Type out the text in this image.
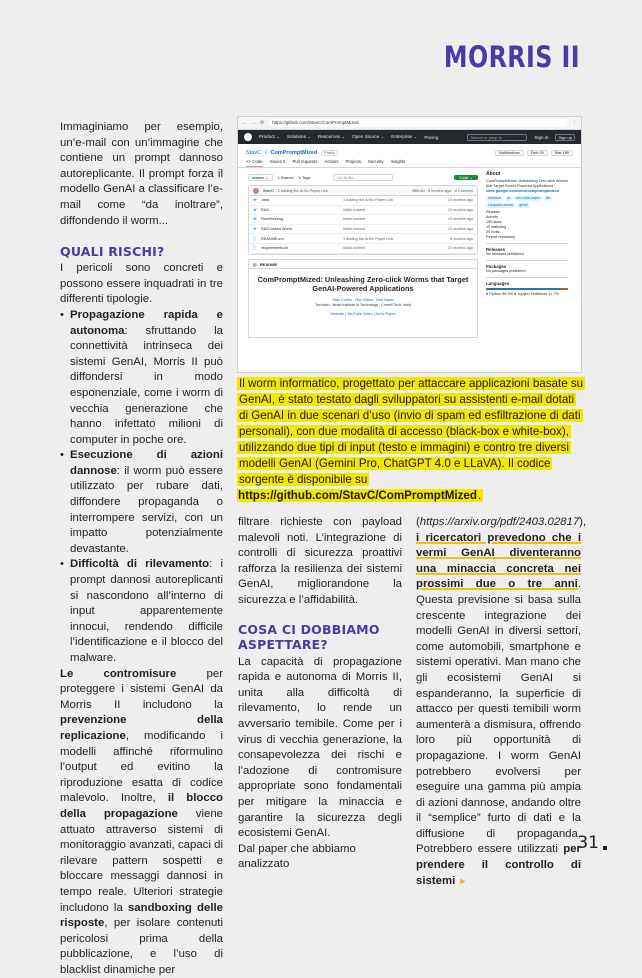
MORRIS II

Immaginiamo per esempio, un’e-mail con un’immagine che contiene un prompt dannoso autoreplicante. Il prompt forza il modello GenAI a classificare l’e-mail come “da inoltrare”, diffondendo il worm...

QUALI RISCHI?

I pericoli sono concreti e possono essere inquadrati in tre differenti tipologie.

• Propagazione rapida e autonoma: sfruttando la connettività intrinseca dei sistemi GenAI, Morris II può diffondersi in modo esponenziale, come i worm di vecchia generazione che hanno infettato milioni di computer in poche ore.
• Esecuzione di azioni dannose: il worm può essere utilizzato per rubare dati, diffondere propaganda o interrompere servizi, con un impatto potenzialmente devastante.
• Difficoltà di rilevamento: i prompt dannosi autoreplicanti si nascondono all’interno di input apparentemente innocui, rendendo difficile l’identificazione e il blocco del malware.

Le contromisure per proteggere i sistemi GenAI da Morris II includono la prevenzione della replicazione, modificando i modelli affinché riformulino l’output ed evitino la riproduzione esatta di codice malevolo. Inoltre, il blocco della propagazione viene attuato attraverso sistemi di monitoraggio avanzati, capaci di rilevare pattern sospetti e bloccare messaggi dannosi in tempo reale. Ulteriori strategie includono la sandboxing delle risposte, per isolare contenuti pericolosi prima della pubblicazione, e l’uso di blacklist dinamiche per

← → ⟳	https://github.com/StavC/ComPromptMized	⋮
Product ⌄ Solutions ⌄ Resources ⌄ Open Source ⌄ Enterprise ⌄ Pricing	Search or jump to...	Sign in	Sign up
StavC / ComPromptMized	Public	Notifications	Fork 29	Star 195
<> Code Issues 5 Pull requests Actions Projects Security Insights
master ⌄	1 Branch 0 Tags	Go to file	Code ⌄
StavC 1 Adding the ArXiv Paper Link	08ffc3d · 9 months ago 6 Commits
▰	.idea	1 Adding the ArXiv Paper Link	10 months ago
▰	RAG	initial commit	10 months ago
▰	FlowSteering	initial commit	10 months ago
▰	RAG-based Worm	initial commit	10 months ago
▯	README.md	1 Adding the ArXiv Paper Link	9 months ago
▯	requirements.txt	initial commit	10 months ago
▤ README
ComPromptMized: Unleashing Zero-click Worms that Target GenAI-Powered Applications
Stav Cohen , Ron Bitton , Ben Nassi
Technion - Israel Institute of Technology , Cornell Tech, Intuit
Website | YouTube Video | ArXiv Paper
About
ComPromptMized: Unleashing Zero-click Worms that Target GenAI-Powered Applications
sites.google.com/view/compromptmized
research	ai	zero-click-paper	llm
computer-worms	genai
Readme
Activity
195 stars
10 watching
29 forks
Report repository
Releases
No releases published
Packages
No packages published
Languages
● Python 88.3% ● Jupyter Notebook 11.7%
Il worm informatico, progettato per attaccare applicazioni basate su GenAI, è stato testato dagli sviluppatori su assistenti e-mail dotati di GenAI in due scenari d’uso (invio di spam ed esfiltrazione di dati personali), con due modalità di accesso (black-box e white-box), utilizzando due tipi di input (testo e immagini) e contro tre diversi modelli GenAI (Gemini Pro, ChatGPT 4.0 e LLaVA). Il codice sorgente è disponibile su https://github.com/StavC/ComPromptMized.

filtrare richieste con payload malevoli noti. L’integrazione di controlli di sicurezza proattivi rafforza la resilienza dei sistemi GenAI, migliorandone la sicurezza e l’affidabilità.

COSA CI DOBBIAMO ASPETTARE?

La capacità di propagazione rapida e autonoma di Morris II, unita alla difficoltà di rilevamento, lo rende un avversario temibile. Come per i virus di vecchia generazione, la consapevolezza dei rischi e l’adozione di contromisure appropriate sono fondamentali per mitigare la minaccia e garantire la sicurezza degli ecosistemi GenAI.

Dal paper che abbiamo analizzato

(https://arxiv.org/pdf/2403.02817), i ricercatori prevedono che i vermi GenAI diventeranno una minaccia concreta nei prossimi due o tre anni. Questa previsione si basa sulla crescente integrazione dei modelli GenAI in diversi settori, come automobili, smartphone e sistemi operativi. Man mano che gli ecosistemi GenAI si espanderanno, la superficie di attacco per questi temibili worm aumenterà a dismisura, offrendo loro più opportunità di propagazione. I worm GenAI potrebbero evolversi per eseguire una gamma più ampia di azioni dannose, andando oltre il “semplice” furto di dati e la diffusione di propaganda. Potrebbero essere utilizzati per prendere il controllo di sistemi ►

31
